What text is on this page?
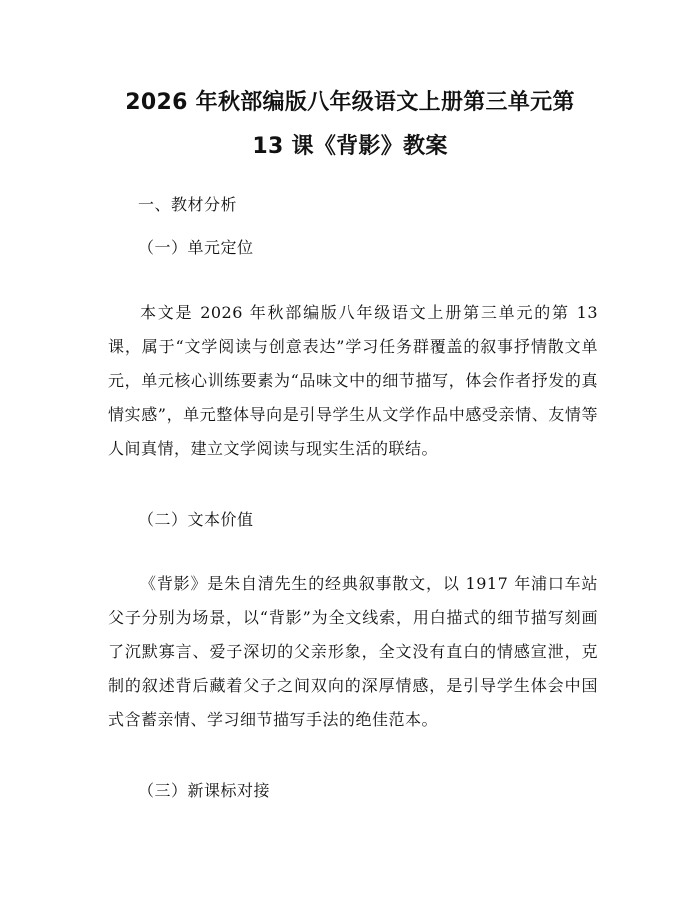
2026 年秋部编版八年级语文上册第三单元第
13 课《背影》教案
一、教材分析
（一）单元定位

本文是 2026 年秋部编版八年级语文上册第三单元的第 13 课，属于“文学阅读与创意表达”学习任务群覆盖的叙事抒情散文单元，单元核心训练要素为“品味文中的细节描写，体会作者抒发的真情实感”，单元整体导向是引导学生从文学作品中感受亲情、友情等人间真情，建立文学阅读与现实生活的联结。

（二）文本价值

《背影》是朱自清先生的经典叙事散文，以 1917 年浦口车站父子分别为场景，以“背影”为全文线索，用白描式的细节描写刻画了沉默寡言、爱子深切的父亲形象，全文没有直白的情感宣泄，克制的叙述背后藏着父子之间双向的深厚情感，是引导学生体会中国式含蓄亲情、学习细节描写手法的绝佳范本。

（三）新课标对接
